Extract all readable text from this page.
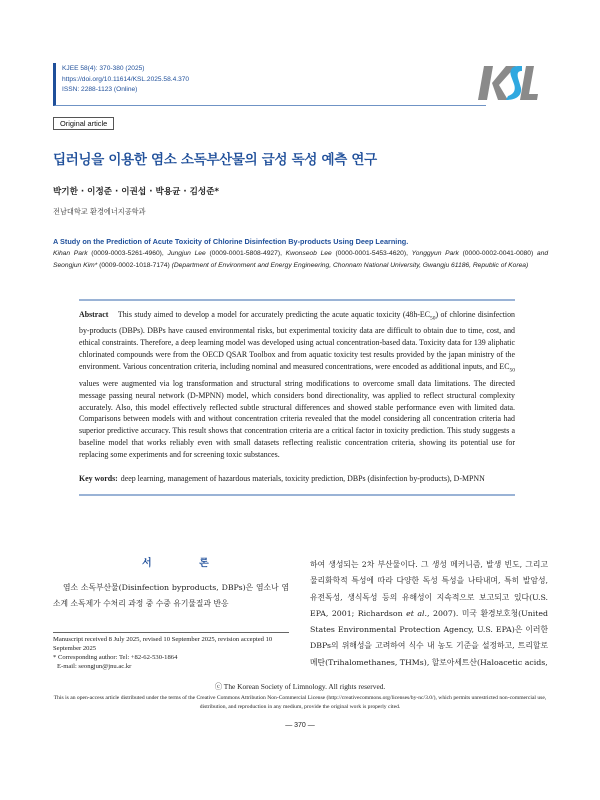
KJEE 58(4): 370-380 (2025)
https://doi.org/10.11614/KSL.2025.58.4.370
ISSN: 2288-1123 (Online)
Original article
딥러닝을 이용한 염소 소독부산물의 급성 독성 예측 연구
박기한 · 이정준 · 이권섭 · 박용균 · 김성준*
전남대학교 환경에너지공학과
A Study on the Prediction of Acute Toxicity of Chlorine Disinfection By-products Using Deep Learning.
Kihan Park (0009-0003-5261-4960), Jungjun Lee (0009-0001-5808-4927), Kwonseob Lee (0000-0001-5453-4620), Yonggyun Park (0000-0002-0041-0080) and Seongjun Kim* (0009-0002-1018-7174) (Department of Environment and Energy Engineering, Chonnam National University, Gwangju 61186, Republic of Korea)
Abstract This study aimed to develop a model for accurately predicting the acute aquatic toxicity $(48h-EC_{50})$ of chlorine disinfection by-products (DBPs). DBPs have caused environmental risks, but experimental toxicity data are difficult to obtain due to time, cost, and ethical constraints. Therefore, a deep learning model was developed using actual concentration-based data. Toxicity data for 139 aliphatic chlorinated compounds were from the OECD QSAR Toolbox and from aquatic toxicity test results provided by the japan ministry of the environment. Various concentration criteria, including nominal and measured concentrations, were encoded as additional inputs, and $EC_{50}$ values were augmented via log transformation and structural string modifications to overcome small data limitations. The directed message passing neural network (D-MPNN) model, which considers bond directionality, was applied to reflect structural complexity accurately. Also, this model effectively reflected subtle structural differences and showed stable performance even with limited data. Comparisons between models with and without concentration criteria revealed that the model considering all concentration criteria had superior predictive accuracy. This result shows that concentration criteria are a critical factor in toxicity prediction. This study suggests a baseline model that works reliably even with small datasets reflecting realistic concentration criteria, showing its potential use for replacing some experiments and for screening toxic substances.
Key words: deep learning, management of hazardous materials, toxicity prediction, DBPs (disinfection by-products), D-MPNN
서 론

염소 소독부산물(Disinfection byproducts, DBPs)은 염소나 염소계 소독제가 수처리 과정 중 수중 유기물질과 반응

하여 생성되는 2차 부산물이다. 그 생성 메커니즘, 발생 빈도, 그리고 물리화학적 특성에 따라 다양한 독성 특성을 나타내며, 특히 발암성, 유전독성, 생식독성 등의 유해성이 지속적으로 보고되고 있다(U.S. EPA, 2001; Richardson et al., 2007). 미국 환경보호청(United States Environmental Protection Agency, U.S. EPA)은 이러한 DBPs의 위해성을 고려하여 식수 내 농도 기준을 설정하고, 트리할로메탄(Trihalomethanes, THMs), 할로아세트산(Haloacetic acids,

Manuscript received 8 July 2025, revised 10 September 2025, revision accepted 10 September 2025
* Corresponding author: Tel: +82-62-530-1864
E-mail: seongjun@jnu.ac.kr
ⓒ The Korean Society of Limnology. All rights reserved.
This is an open-access article distributed under the terms of the Creative Commons Attribution Non-Commercial License (http://creativecommons.org/licenses/by-nc/3.0/), which permits unrestricted non-commercial use, distribution, and reproduction in any medium, provide the original work is properly cited.
— 370 —
